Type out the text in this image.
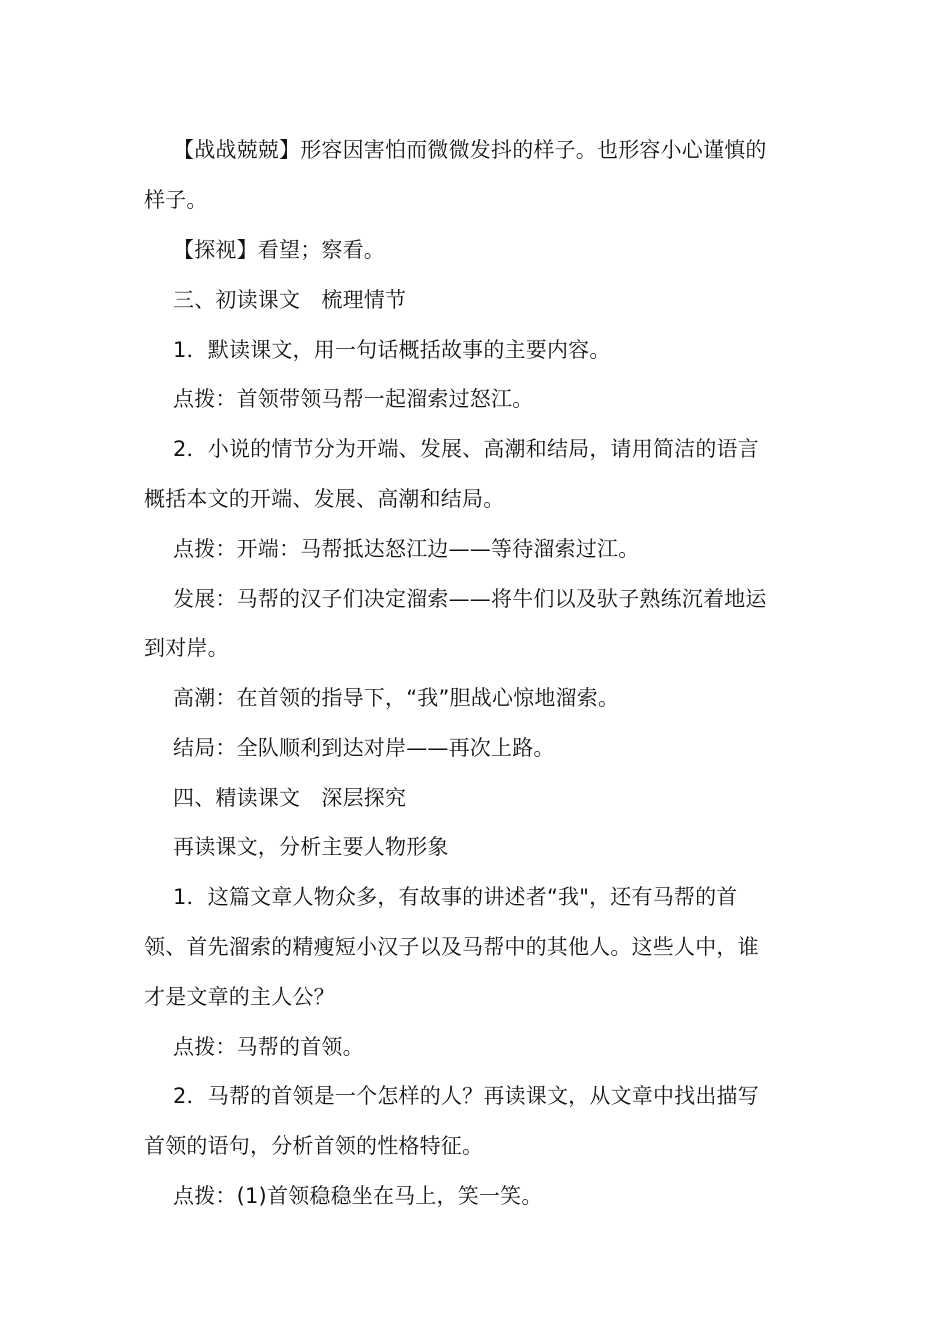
【战战兢兢】形容因害怕而微微发抖的样子。也形容小心谨慎的
样子。
【探视】看望；察看。
三、初读课文　梳理情节
1．默读课文，用一句话概括故事的主要内容。
点拨：首领带领马帮一起溜索过怒江。
2．小说的情节分为开端、发展、高潮和结局，请用简洁的语言
概括本文的开端、发展、高潮和结局。
点拨：开端：马帮抵达怒江边——等待溜索过江。
发展：马帮的汉子们决定溜索——将牛们以及驮子熟练沉着地运
到对岸。
高潮：在首领的指导下，“我”胆战心惊地溜索。
结局：全队顺利到达对岸——再次上路。
四、精读课文　深层探究
再读课文，分析主要人物形象
1．这篇文章人物众多，有故事的讲述者“我"，还有马帮的首
领、首先溜索的精瘦短小汉子以及马帮中的其他人。这些人中，谁
才是文章的主人公？
点拨：马帮的首领。
2．马帮的首领是一个怎样的人？再读课文，从文章中找出描写
首领的语句，分析首领的性格特征。
点拨：(1)首领稳稳坐在马上，笑一笑。
